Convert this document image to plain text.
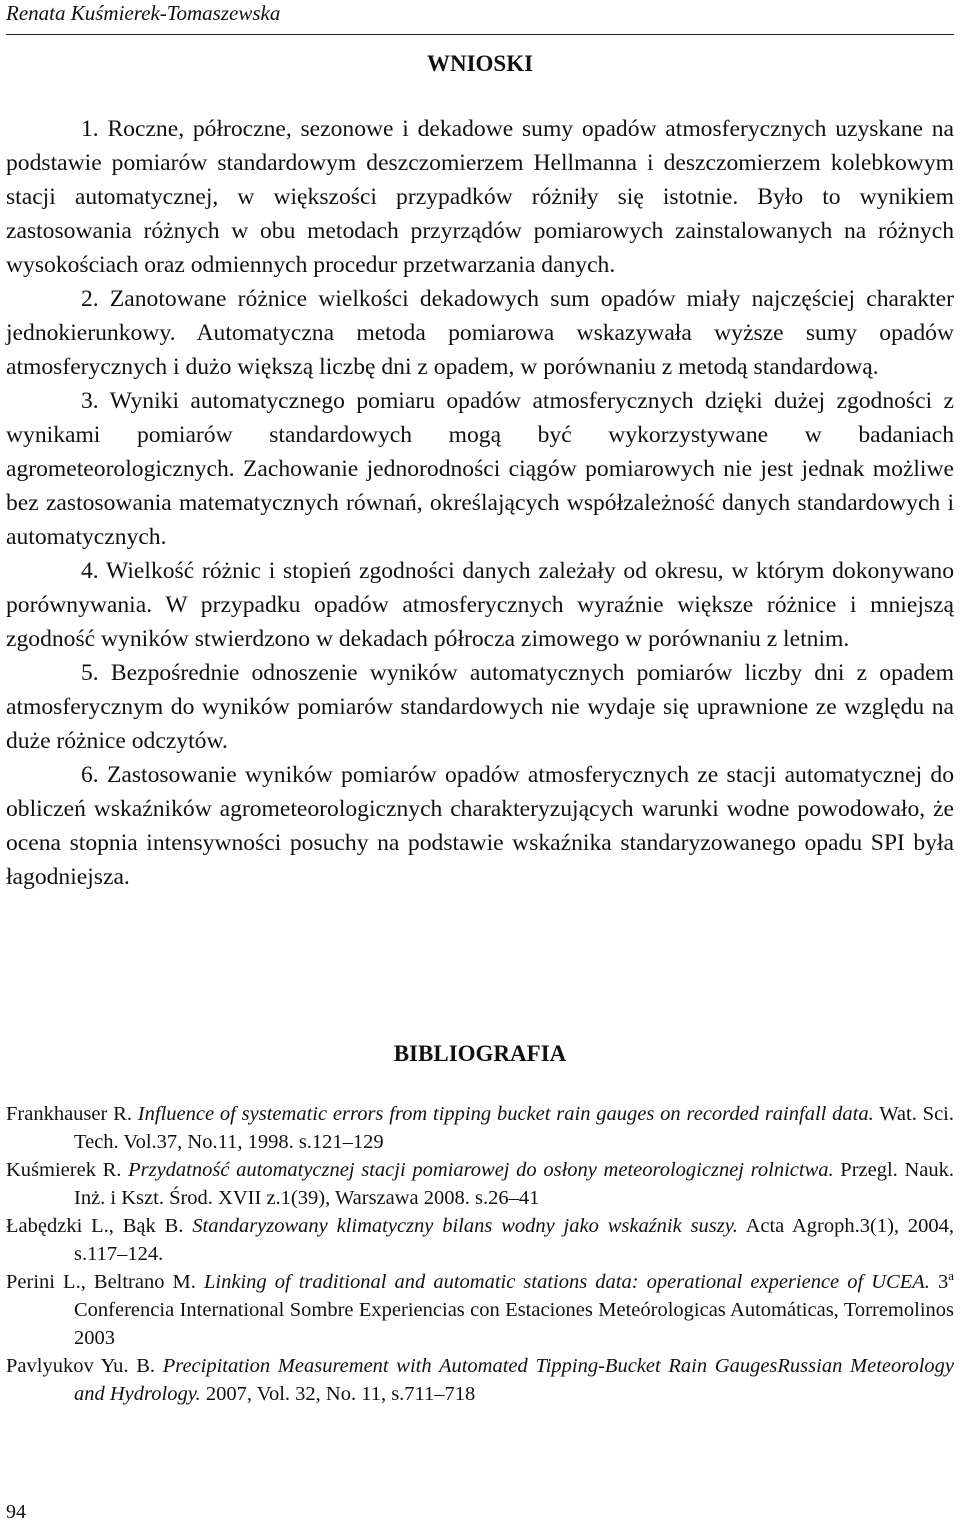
Renata Kuśmierek-Tomaszewska
WNIOSKI

1. Roczne, półroczne, sezonowe i dekadowe sumy opadów atmosferycznych uzyskane na podstawie pomiarów standardowym deszczomierzem Hellmanna i deszczomierzem kolebkowym stacji automatycznej, w większości przypadków różniły się istotnie. Było to wynikiem zastosowania różnych w obu metodach przyrządów pomiarowych zainstalowanych na różnych wysokościach oraz odmiennych procedur przetwarzania danych.

2. Zanotowane różnice wielkości dekadowych sum opadów miały najczęściej charakter jednokierunkowy. Automatyczna metoda pomiarowa wskazywała wyższe sumy opadów atmosferycznych i dużo większą liczbę dni z opadem, w porównaniu z metodą standardową.

3. Wyniki automatycznego pomiaru opadów atmosferycznych dzięki dużej zgodności z wynikami pomiarów standardowych mogą być wykorzystywane w badaniach agrometeorologicznych. Zachowanie jednorodności ciągów pomiarowych nie jest jednak możliwe bez zastosowania matematycznych równań, określających współzależność danych standardowych i automatycznych.

4. Wielkość różnic i stopień zgodności danych zależały od okresu, w którym dokonywano porównywania. W przypadku opadów atmosferycznych wyraźnie większe różnice i mniejszą zgodność wyników stwierdzono w dekadach półrocza zimowego w porównaniu z letnim.

5. Bezpośrednie odnoszenie wyników automatycznych pomiarów liczby dni z opadem atmosferycznym do wyników pomiarów standardowych nie wydaje się uprawnione ze względu na duże różnice odczytów.

6. Zastosowanie wyników pomiarów opadów atmosferycznych ze stacji automatycznej do obliczeń wskaźników agrometeorologicznych charakteryzujących warunki wodne powodowało, że ocena stopnia intensywności posuchy na podstawie wskaźnika standaryzowanego opadu SPI była łagodniejsza.

BIBLIOGRAFIA

Frankhauser R. Influence of systematic errors from tipping bucket rain gauges on recorded rainfall data. Wat. Sci. Tech. Vol.37, No.11, 1998. s.121–129

Kuśmierek R. Przydatność automatycznej stacji pomiarowej do osłony meteorologicznej rolnictwa. Przegl. Nauk. Inż. i Kszt. Środ. XVII z.1(39), Warszawa 2008. s.26–41

Łabędzki L., Bąk B. Standaryzowany klimatyczny bilans wodny jako wskaźnik suszy. Acta Agroph.3(1), 2004, s.117–124.

Perini L., Beltrano M. Linking of traditional and automatic stations data: operational experience of UCEA. 3$^a$ Conferencia International Sombre Experiencias con Estaciones Meteórologicas Automáticas, Torremolinos 2003

Pavlyukov Yu. B. Precipitation Measurement with Automated Tipping-Bucket Rain GaugesRussian Meteorology and Hydrology. 2007, Vol. 32, No. 11, s.711–718

94
